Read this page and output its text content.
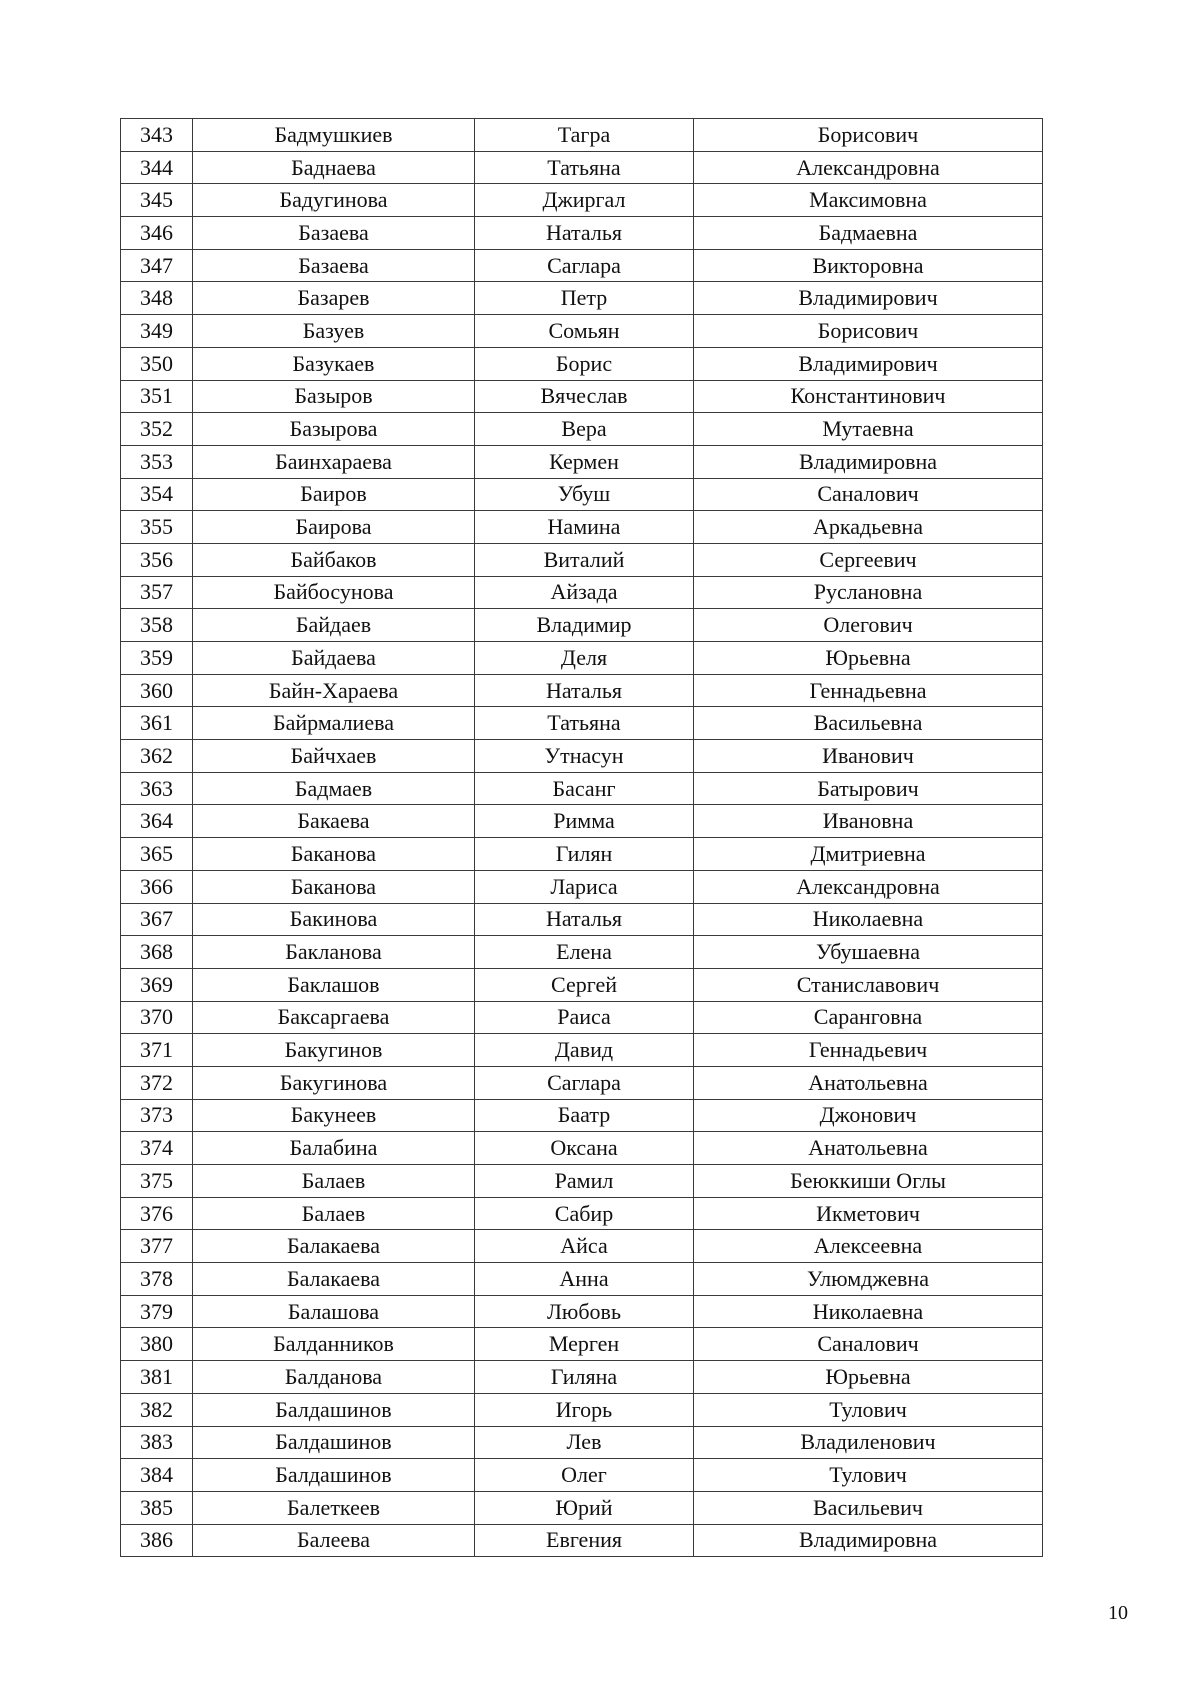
343	Бадмушкиев	Тагра	Борисович
344	Баднаева	Татьяна	Александровна
345	Бадугинова	Джиргал	Максимовна
346	Базаева	Наталья	Бадмаевна
347	Базаева	Саглара	Викторовна
348	Базарев	Петр	Владимирович
349	Базуев	Сомьян	Борисович
350	Базукаев	Борис	Владимирович
351	Базыров	Вячеслав	Константинович
352	Базырова	Вера	Мутаевна
353	Баинхараева	Кермен	Владимировна
354	Баиров	Убуш	Саналович
355	Баирова	Намина	Аркадьевна
356	Байбаков	Виталий	Сергеевич
357	Байбосунова	Айзада	Руслановна
358	Байдаев	Владимир	Олегович
359	Байдаева	Деля	Юрьевна
360	Байн-Хараева	Наталья	Геннадьевна
361	Байрмалиева	Татьяна	Васильевна
362	Байчхаев	Утнасун	Иванович
363	Бадмаев	Басанг	Батырович
364	Бакаева	Римма	Ивановна
365	Баканова	Гилян	Дмитриевна
366	Баканова	Лариса	Александровна
367	Бакинова	Наталья	Николаевна
368	Бакланова	Елена	Убушаевна
369	Баклашов	Сергей	Станиславович
370	Баксаргаева	Раиса	Саранговна
371	Бакугинов	Давид	Геннадьевич
372	Бакугинова	Саглара	Анатольевна
373	Бакунеев	Баатр	Джонович
374	Балабина	Оксана	Анатольевна
375	Балаев	Рамил	Беюккиши Оглы
376	Балаев	Сабир	Икметович
377	Балакаева	Айса	Алексеевна
378	Балакаева	Анна	Улюмджевна
379	Балашова	Любовь	Николаевна
380	Балданников	Мерген	Саналович
381	Балданова	Гиляна	Юрьевна
382	Балдашинов	Игорь	Тулович
383	Балдашинов	Лев	Владиленович
384	Балдашинов	Олег	Тулович
385	Балеткеев	Юрий	Васильевич
386	Балеева	Евгения	Владимировна
10
